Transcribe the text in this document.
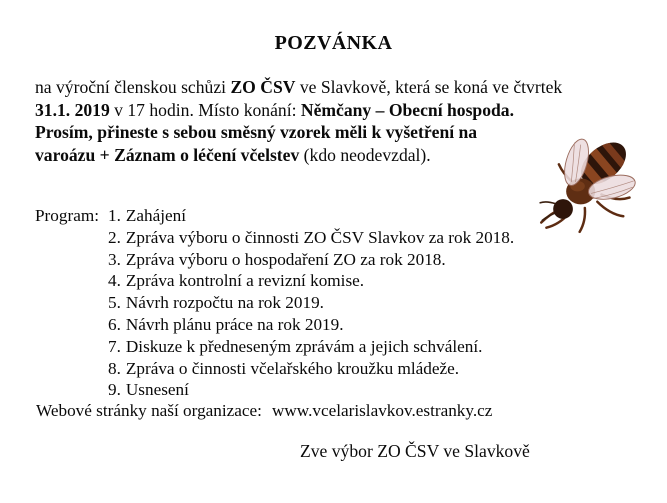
POZVÁNKA

na výroční členskou schůzi ZO ČSV ve Slavkově, která se koná ve čtvrtek
31.1. 2019 v 17 hodin. Místo konání: Němčany – Obecní hospoda.
Prosím, přineste s sebou směsný vzorek měli k vyšetření na
varoázu + Záznam o léčení včelstev (kdo neodevzdal).

Program: 1. Zahájení
2. Zpráva výboru o činnosti ZO ČSV Slavkov za rok 2018.
3. Zpráva výboru o hospodaření ZO za rok 2018.
4. Zpráva kontrolní a revizní komise.
5. Návrh rozpočtu na rok 2019.
6. Návrh plánu práce na rok 2019.
7. Diskuze k předneseným zprávám a jejich schválení.
8. Zpráva o činnosti včelařského kroužku mládeže.
9. Usnesení
Webové stránky naší organizace: www.vcelarislavkov.estranky.cz
Zve výbor ZO ČSV ve Slavkově
